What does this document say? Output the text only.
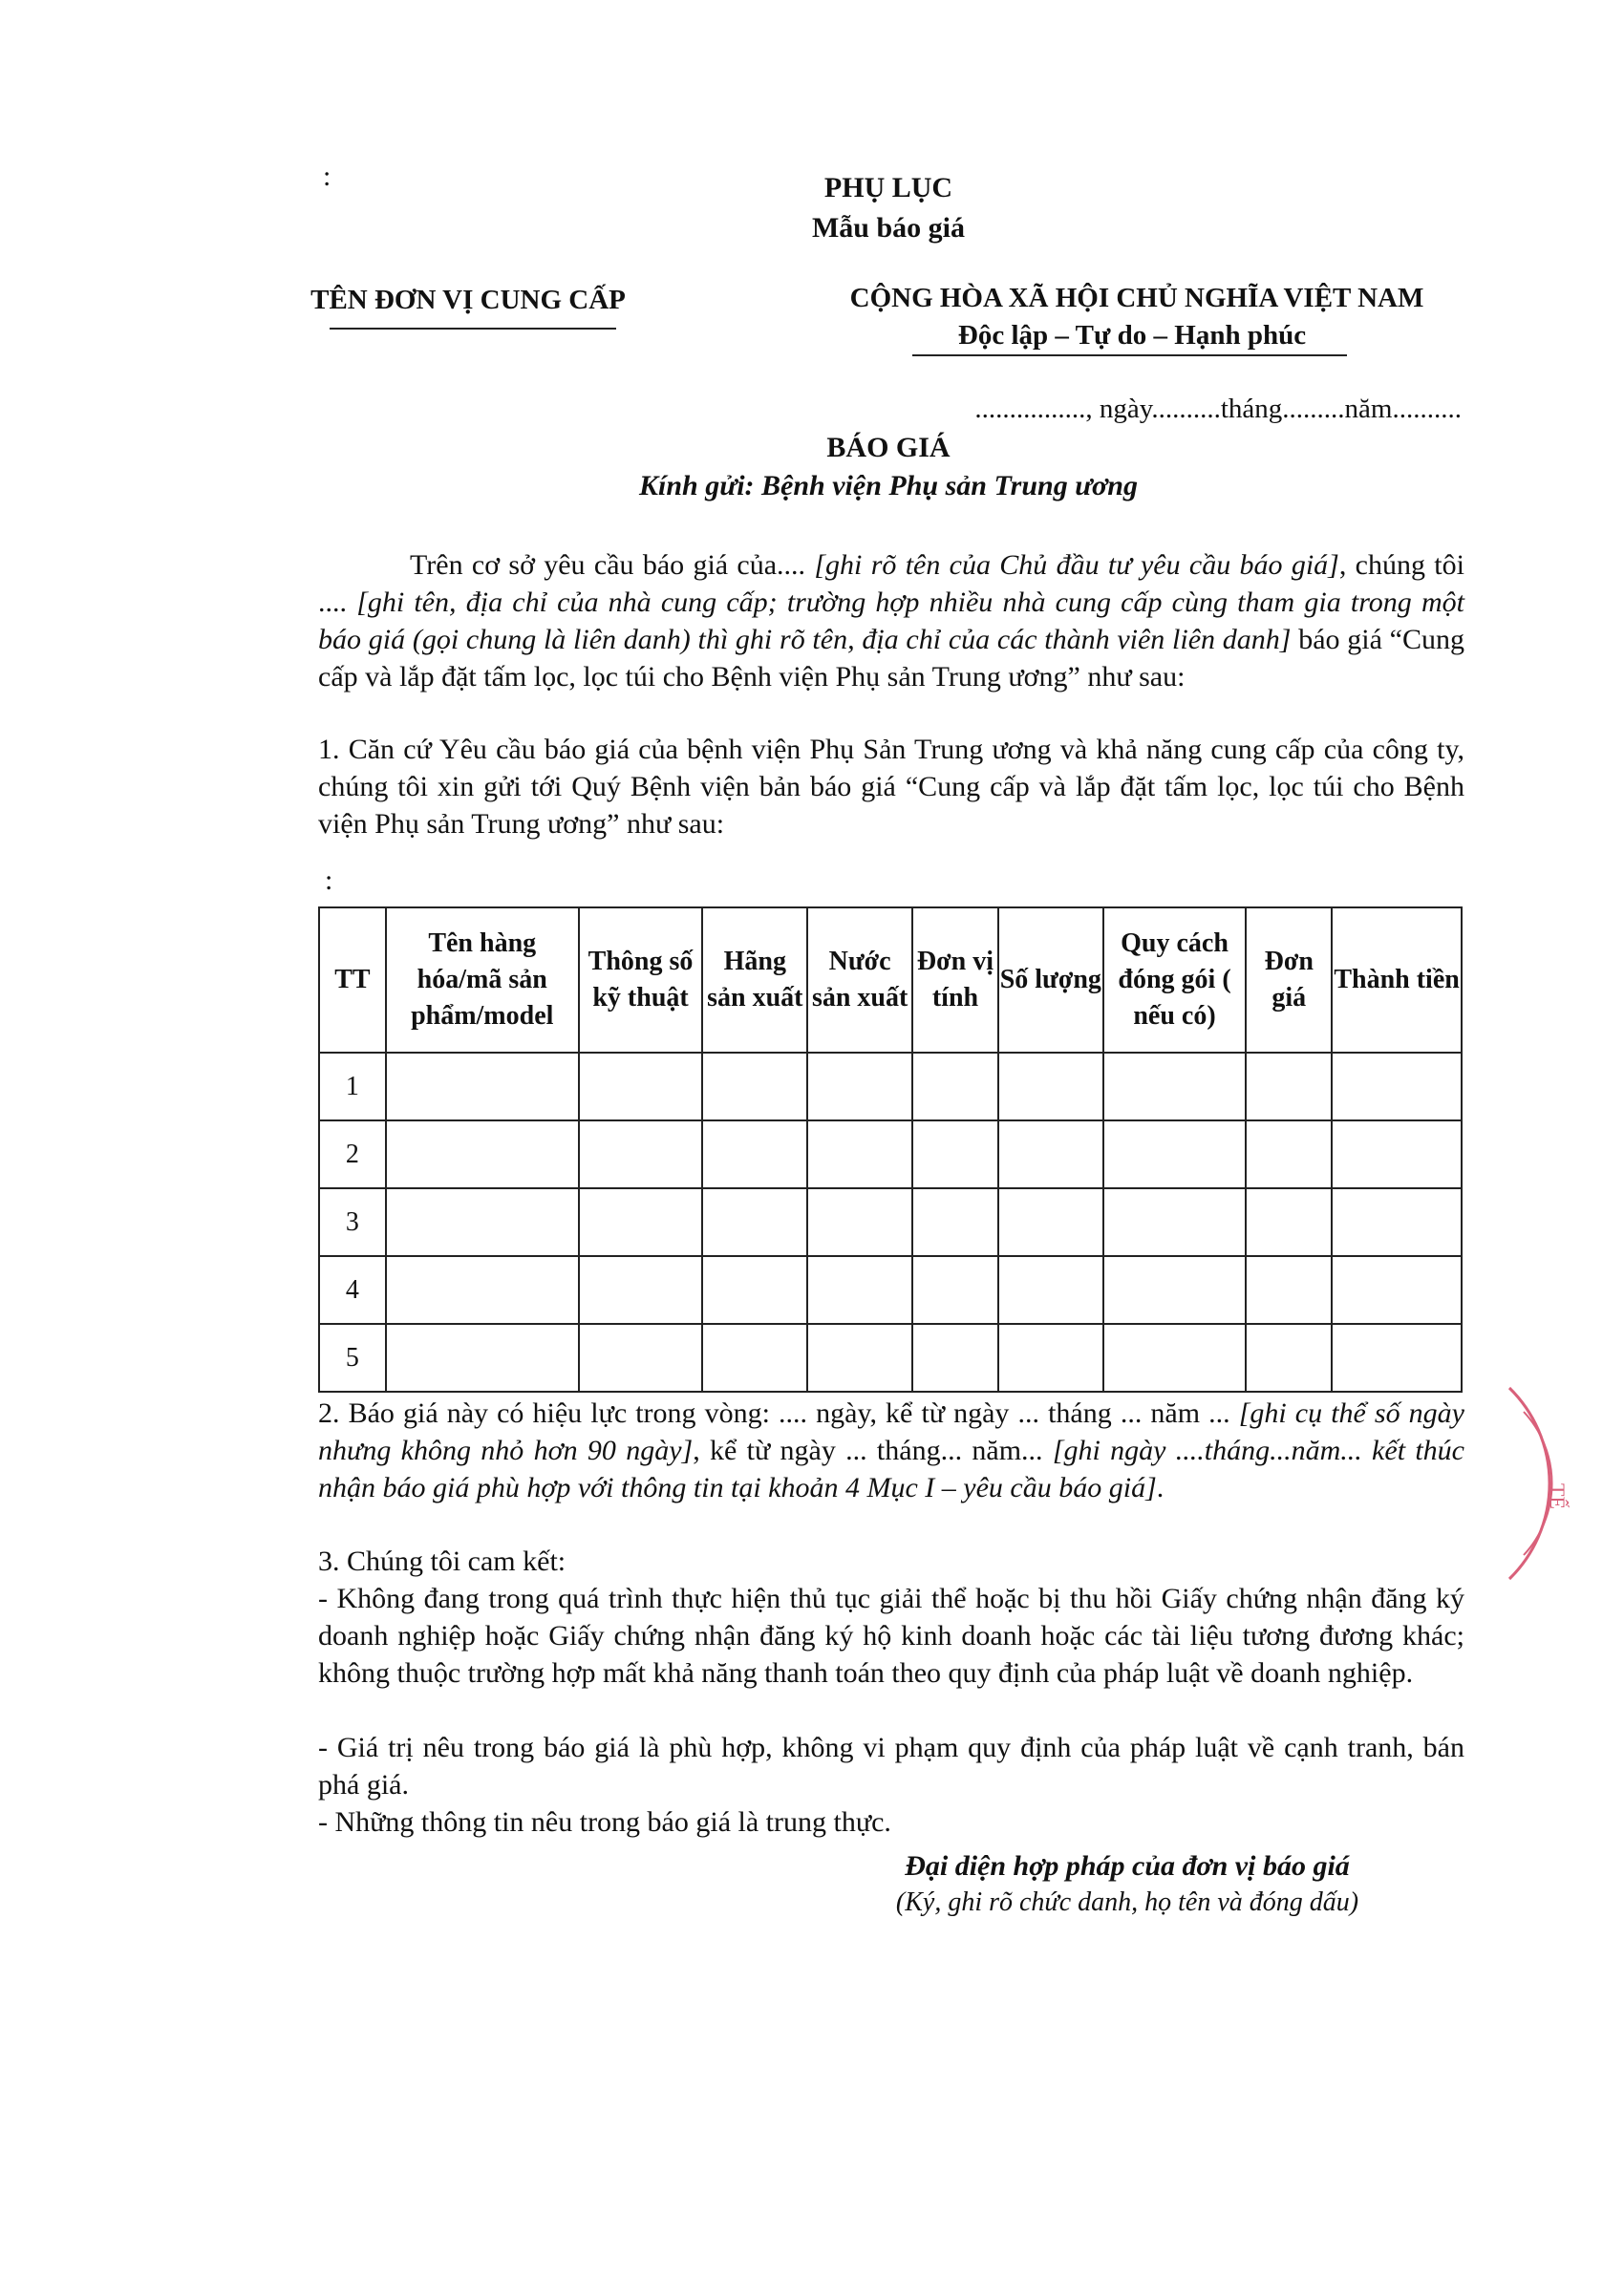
:	PHỤ LỤC
Mẫu báo giá
TÊN ĐƠN VỊ CUNG CẤP	CỘNG HÒA XÃ HỘI CHỦ NGHĨA VIỆT NAM
Độc lập – Tự do – Hạnh phúc
................, ngày..........tháng.........năm..........
BÁO GIÁ
Kính gửi: Bệnh viện Phụ sản Trung ương
Trên cơ sở yêu cầu báo giá của.... [ghi rõ tên của Chủ đầu tư yêu cầu báo giá], chúng tôi .... [ghi tên, địa chỉ của nhà cung cấp; trường hợp nhiều nhà cung cấp cùng tham gia trong một báo giá (gọi chung là liên danh) thì ghi rõ tên, địa chỉ của các thành viên liên danh] báo giá “Cung cấp và lắp đặt tấm lọc, lọc túi cho Bệnh viện Phụ sản Trung ương” như sau:
1. Căn cứ Yêu cầu báo giá của bệnh viện Phụ Sản Trung ương và khả năng cung cấp của công ty, chúng tôi xin gửi tới Quý Bệnh viện bản báo giá “Cung cấp và lắp đặt tấm lọc, lọc túi cho Bệnh viện Phụ sản Trung ương” như sau:
:
TT	Tên hàng hóa/mã sản phẩm/model	Thông số kỹ thuật	Hãng sản xuất	Nước sản xuất	Đơn vị tính	Số lượng	Quy cách đóng gói ( nếu có)	Đơn giá	Thành tiền
1									
2									
3									
4									
5									
2. Báo giá này có hiệu lực trong vòng: .... ngày, kể từ ngày ... tháng ... năm ... [ghi cụ thể số ngày nhưng không nhỏ hơn 90 ngày], kể từ ngày ... tháng... năm... [ghi ngày ....tháng...năm... kết thúc nhận báo giá phù hợp với thông tin tại khoản 4 Mục I – yêu cầu báo giá].
3. Chúng tôi cam kết:
- Không đang trong quá trình thực hiện thủ tục giải thể hoặc bị thu hồi Giấy chứng nhận đăng ký doanh nghiệp hoặc Giấy chứng nhận đăng ký hộ kinh doanh hoặc các tài liệu tương đương khác; không thuộc trường hợp mất khả năng thanh toán theo quy định của pháp luật về doanh nghiệp.
- Giá trị nêu trong báo giá là phù hợp, không vi phạm quy định của pháp luật về cạnh tranh, bán phá giá.
- Những thông tin nêu trong báo giá là trung thực.
Đại diện hợp pháp của đơn vị báo giá
(Ký, ghi rõ chức danh, họ tên và đóng dấu)
TẾ
